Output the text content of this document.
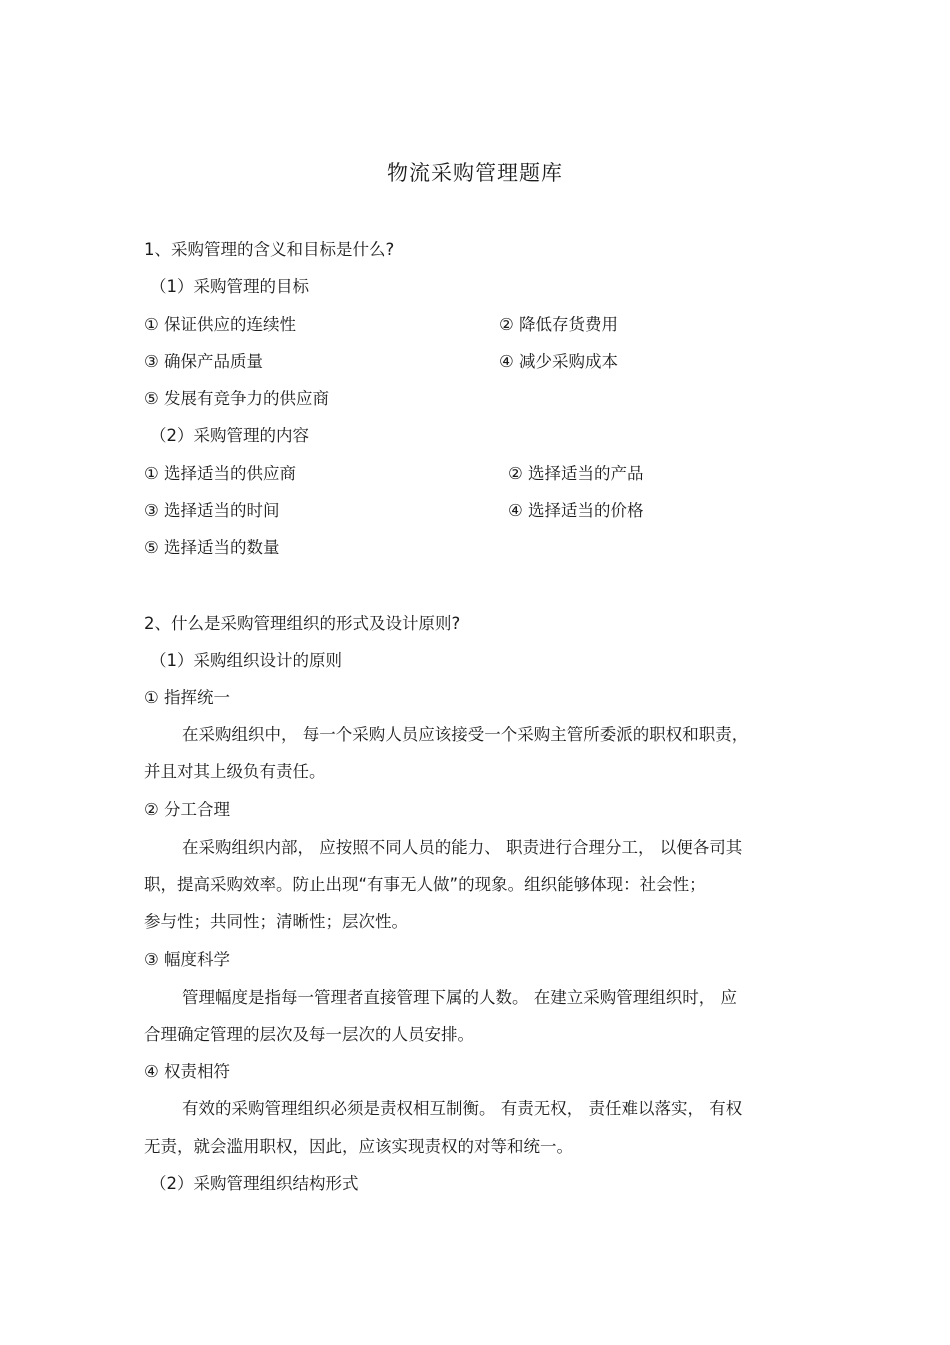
物流采购管理题库
1、采购管理的含义和目标是什么?
（1）采购管理的目标
① 保证供应的连续性	② 降低存货费用
③ 确保产品质量	④ 减少采购成本
⑤ 发展有竞争力的供应商
（2）采购管理的内容
① 选择适当的供应商	② 选择适当的产品
③ 选择适当的时间	④ 选择适当的价格
⑤ 选择适当的数量
2、什么是采购管理组织的形式及设计原则?
（1）采购组织设计的原则
① 指挥统一
在采购组织中， 每一个采购人员应该接受一个采购主管所委派的职权和职责，
并且对其上级负有责任。
② 分工合理
在采购组织内部， 应按照不同人员的能力、 职责进行合理分工， 以便各司其
职，提高采购效率。防止出现“有事无人做”的现象。组织能够体现：社会性；
参与性；共同性；清晰性；层次性。
③ 幅度科学
管理幅度是指每一管理者直接管理下属的人数。 在建立采购管理组织时， 应
合理确定管理的层次及每一层次的人员安排。
④ 权责相符
有效的采购管理组织必须是责权相互制衡。 有责无权， 责任难以落实， 有权
无责，就会滥用职权，因此，应该实现责权的对等和统一。
（2）采购管理组织结构形式
